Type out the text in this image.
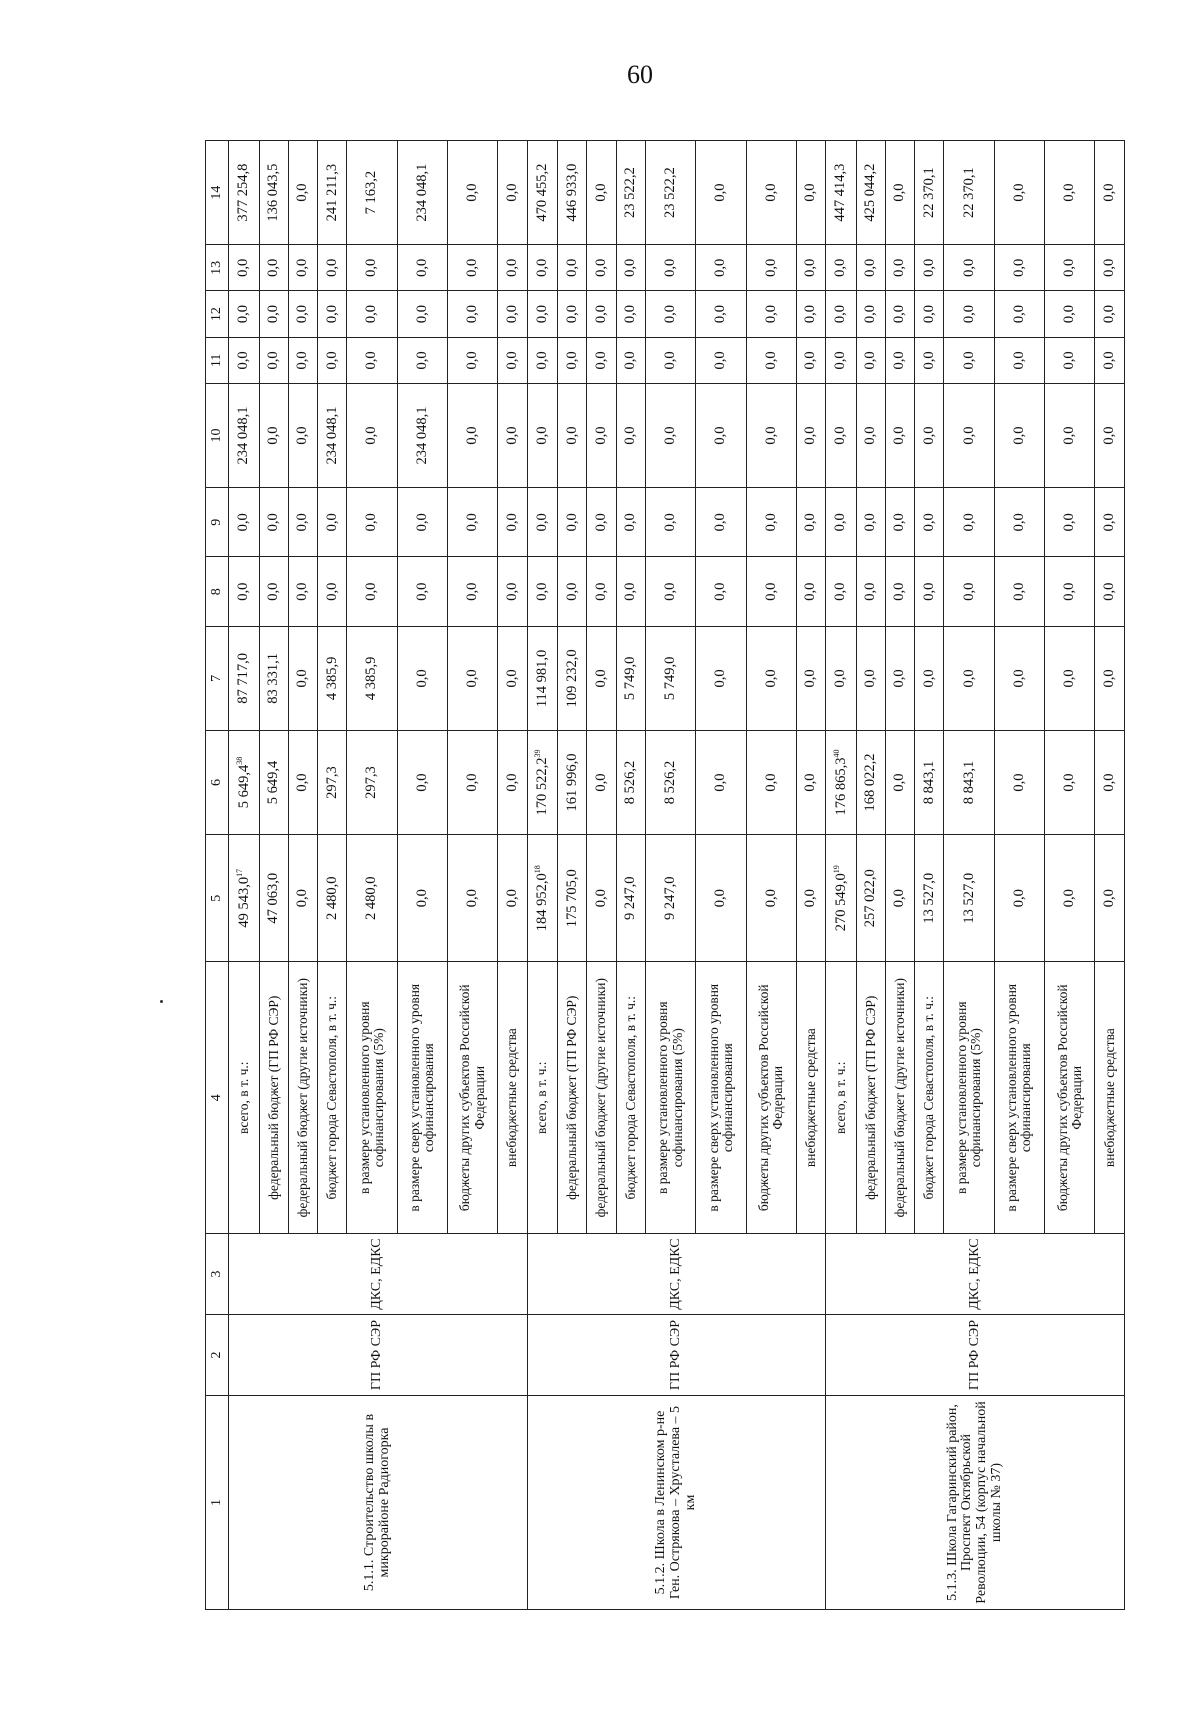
60
1	2	3	4	5	6	7	8	9	10	11	12	13	14
5.1.1. Строительство школы в микрорайоне Радиогорка	ГП РФ СЭР	ДКС, ЕДКС	всего, в т. ч.:	49 543,0$^{17}$	5 649,4$^{38}$	87 717,0	0,0	0,0	234 048,1	0,0	0,0	0,0	377 254,8
			федеральный бюджет (ГП РФ СЭР)	47 063,0	5 649,4	83 331,1	0,0	0,0	0,0	0,0	0,0	0,0	136 043,5
			федеральный бюджет (другие источники)	0,0	0,0	0,0	0,0	0,0	0,0	0,0	0,0	0,0	0,0
			бюджет города Севастополя, в т. ч.:	2 480,0	297,3	4 385,9	0,0	0,0	234 048,1	0,0	0,0	0,0	241 211,3
			в размере установленного уровня софинансирования (5%)	2 480,0	297,3	4 385,9	0,0	0,0	0,0	0,0	0,0	0,0	7 163,2
			в размере сверх установленного уровня софинансирования	0,0	0,0	0,0	0,0	0,0	234 048,1	0,0	0,0	0,0	234 048,1
			бюджеты других субъектов Российской Федерации	0,0	0,0	0,0	0,0	0,0	0,0	0,0	0,0	0,0	0,0
			внебюджетные средства	0,0	0,0	0,0	0,0	0,0	0,0	0,0	0,0	0,0	0,0
5.1.2. Школа в Ленинском р-не Ген. Острякова – Хрусталева – 5 км	ГП РФ СЭР	ДКС, ЕДКС	всего, в т. ч.:	184 952,0$^{18}$	170 522,2$^{39}$	114 981,0	0,0	0,0	0,0	0,0	0,0	0,0	470 455,2
			федеральный бюджет (ГП РФ СЭР)	175 705,0	161 996,0	109 232,0	0,0	0,0	0,0	0,0	0,0	0,0	446 933,0
			федеральный бюджет (другие источники)	0,0	0,0	0,0	0,0	0,0	0,0	0,0	0,0	0,0	0,0
			бюджет города Севастополя, в т. ч.:	9 247,0	8 526,2	5 749,0	0,0	0,0	0,0	0,0	0,0	0,0	23 522,2
			в размере установленного уровня софинансирования (5%)	9 247,0	8 526,2	5 749,0	0,0	0,0	0,0	0,0	0,0	0,0	23 522,2
			в размере сверх установленного уровня софинансирования	0,0	0,0	0,0	0,0	0,0	0,0	0,0	0,0	0,0	0,0
			бюджеты других субъектов Российской Федерации	0,0	0,0	0,0	0,0	0,0	0,0	0,0	0,0	0,0	0,0
			внебюджетные средства	0,0	0,0	0,0	0,0	0,0	0,0	0,0	0,0	0,0	0,0
5.1.3. Школа Гагаринский район, Проспект Октябрьской Революции, 54 (корпус начальной школы № 37)	ГП РФ СЭР	ДКС, ЕДКС	всего, в т. ч.:	270 549,0$^{19}$	176 865,3$^{40}$	0,0	0,0	0,0	0,0	0,0	0,0	0,0	447 414,3
			федеральный бюджет (ГП РФ СЭР)	257 022,0	168 022,2	0,0	0,0	0,0	0,0	0,0	0,0	0,0	425 044,2
			федеральный бюджет (другие источники)	0,0	0,0	0,0	0,0	0,0	0,0	0,0	0,0	0,0	0,0
			бюджет города Севастополя, в т. ч.:	13 527,0	8 843,1	0,0	0,0	0,0	0,0	0,0	0,0	0,0	22 370,1
			в размере установленного уровня софинансирования (5%)	13 527,0	8 843,1	0,0	0,0	0,0	0,0	0,0	0,0	0,0	22 370,1
			в размере сверх установленного уровня софинансирования	0,0	0,0	0,0	0,0	0,0	0,0	0,0	0,0	0,0	0,0
			бюджеты других субъектов Российской Федерации	0,0	0,0	0,0	0,0	0,0	0,0	0,0	0,0	0,0	0,0
			внебюджетные средства	0,0	0,0	0,0	0,0	0,0	0,0	0,0	0,0	0,0	0,0
